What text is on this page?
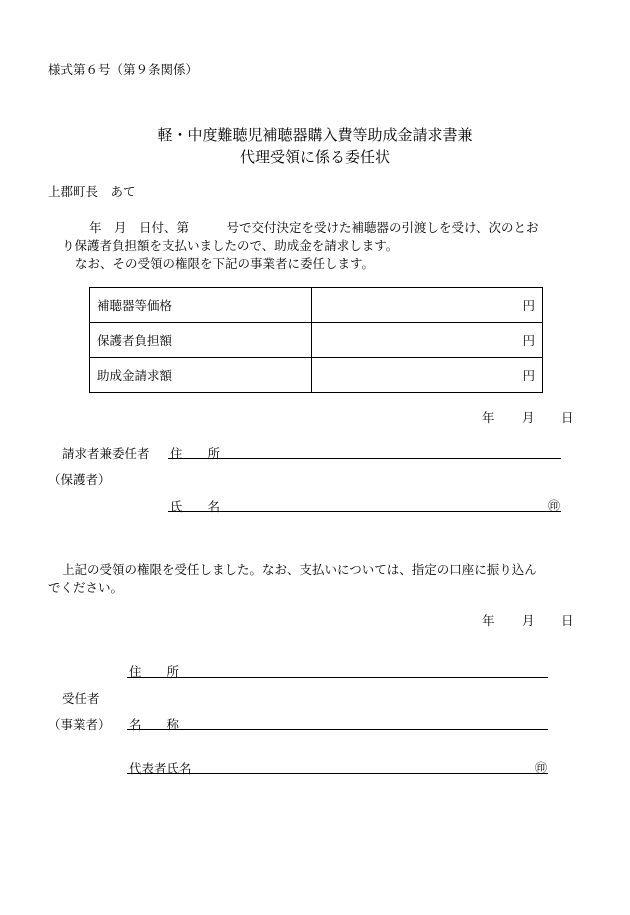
様式第６号（第９条関係）
軽・中度難聴児補聴器購入費等助成金請求書兼
代理受領に係る委任状
上郡町長　あて
年　月　日付、第　　　号で交付決定を受けた補聴器の引渡しを受け、次のとお
り保護者負担額を支払いましたので、助成金を請求します。
なお、その受領の権限を下記の事業者に委任します。
補聴器等価格	円
保護者負担額	円
助成金請求額	円
年 月 日
請求者兼委任者 住　　所
（保護者）
氏　　名	㊞
上記の受領の権限を受任しました。なお、支払いについては、指定の口座に振り込ん
でください。
年 月 日
住　　所
受任者
（事業者） 名　　称
代表者氏名	㊞
